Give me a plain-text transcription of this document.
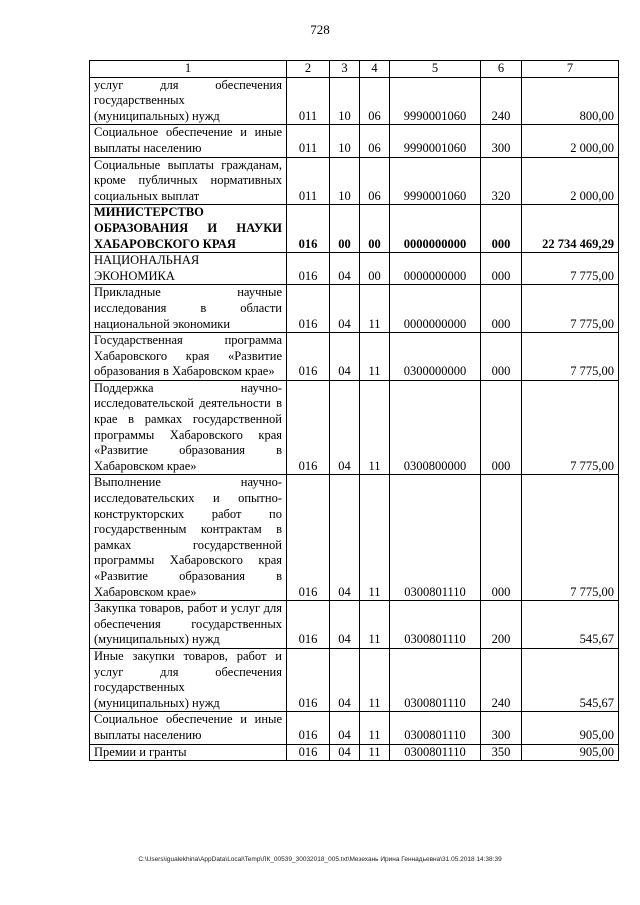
728
1	2	3	4	5	6	7
услуг для обеспечения государственных (муниципальных) нужд	011	10	06	9990001060	240	800,00
Социальное обеспечение и иные выплаты населению	011	10	06	9990001060	300	2 000,00
Социальные выплаты гражданам, кроме публичных нормативных социальных выплат	011	10	06	9990001060	320	2 000,00
МИНИСТЕРСТВО ОБРАЗОВАНИЯ И НАУКИ ХАБАРОВСКОГО КРАЯ	016	00	00	0000000000	000	22 734 469,29
НАЦИОНАЛЬНАЯ ЭКОНОМИКА	016	04	00	0000000000	000	7 775,00
Прикладные научные исследования в области национальной экономики	016	04	11	0000000000	000	7 775,00
Государственная программа Хабаровского края «Развитие образования в Хабаровском крае»	016	04	11	0300000000	000	7 775,00
Поддержка научно-исследовательской деятельности в крае в рамках государственной программы Хабаровского края «Развитие образования в Хабаровском крае»	016	04	11	0300800000	000	7 775,00
Выполнение научно-исследовательских и опытно-конструкторских работ по государственным контрактам в рамках государственной программы Хабаровского края «Развитие образования в Хабаровском крае»	016	04	11	0300801110	000	7 775,00
Закупка товаров, работ и услуг для обеспечения государственных (муниципальных) нужд	016	04	11	0300801110	200	545,67
Иные закупки товаров, работ и услуг для обеспечения государственных (муниципальных) нужд	016	04	11	0300801110	240	545,67
Социальное обеспечение и иные выплаты населению	016	04	11	0300801110	300	905,00
Премии и гранты	016	04	11	0300801110	350	905,00
C:\Users\igualekhina\AppData\Local\Temp\ЛК_00539_30032018_005.txt\Мезехань Ирина Геннадьевна\31.05.2018 14:38:39
